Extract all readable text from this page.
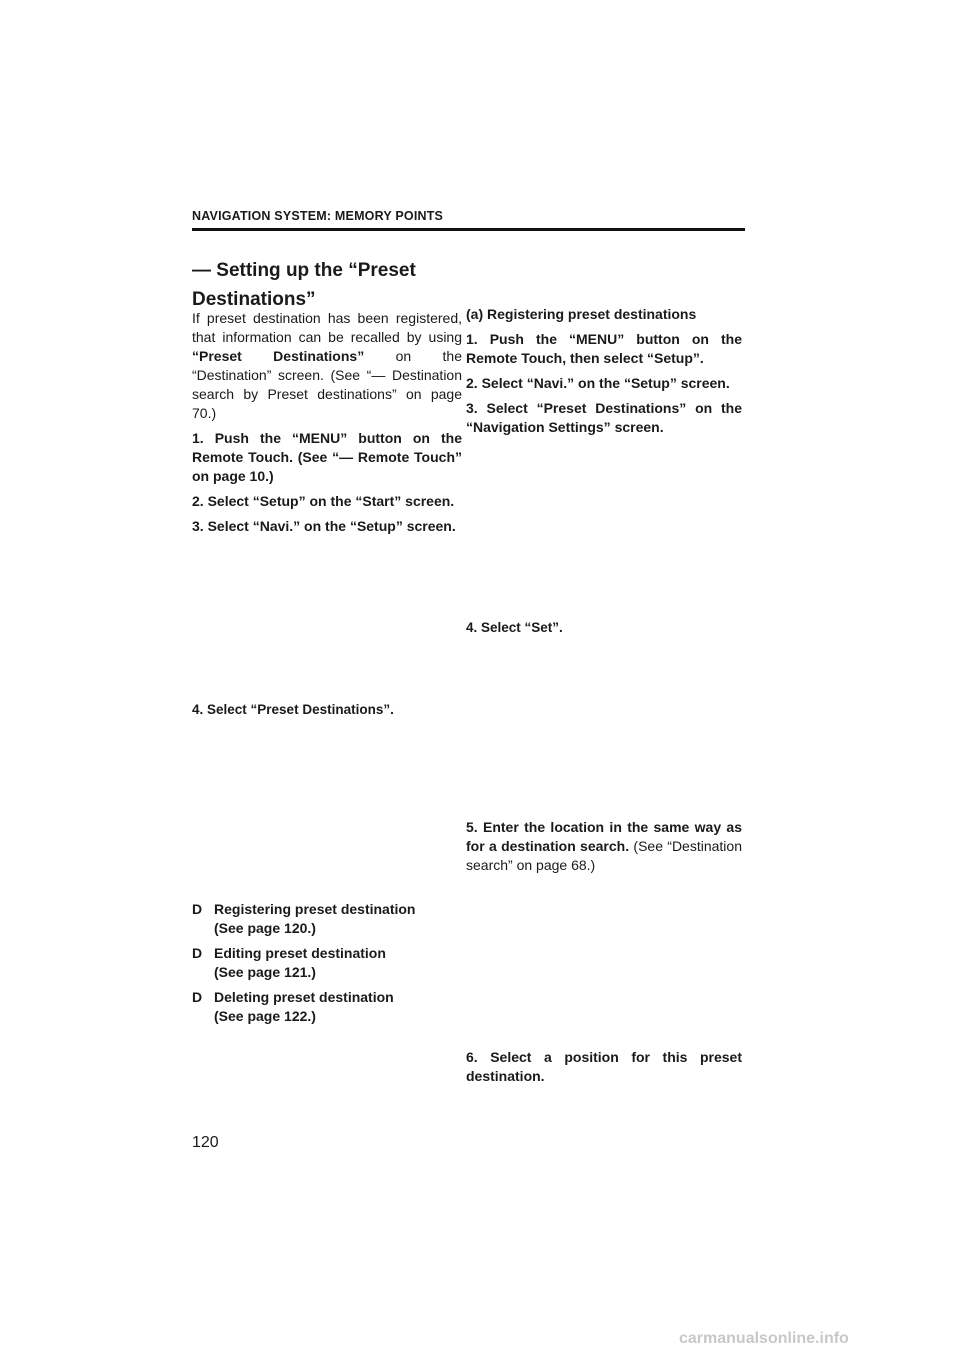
NAVIGATION SYSTEM: MEMORY POINTS
— Setting up the “Preset Destinations”

If preset destination has been registered, that information can be recalled by using “Preset Destinations” on the “Destination” screen. (See “— Destination search by Preset destinations” on page 70.)

1. Push the “MENU” button on the Remote Touch. (See “— Remote Touch” on page 10.)

2. Select “Setup” on the “Start” screen.

3. Select “Navi.” on the “Setup” screen.

4. Select “Preset Destinations”.
D Registering preset destination
(See page 120.)
D Editing preset destination
(See page 121.)
D Deleting preset destination
(See page 122.)

(a) Registering preset destinations

1. Push the “MENU” button on the Remote Touch, then select “Setup”.

2. Select “Navi.” on the “Setup” screen.

3. Select “Preset Destinations” on the “Navigation Settings” screen.

4. Select “Set”.
5. Enter the location in the same way as for a destination search. (See “Destination search” on page 68.)
6. Select a position for this preset destination.
120
carmanualsonline.info
